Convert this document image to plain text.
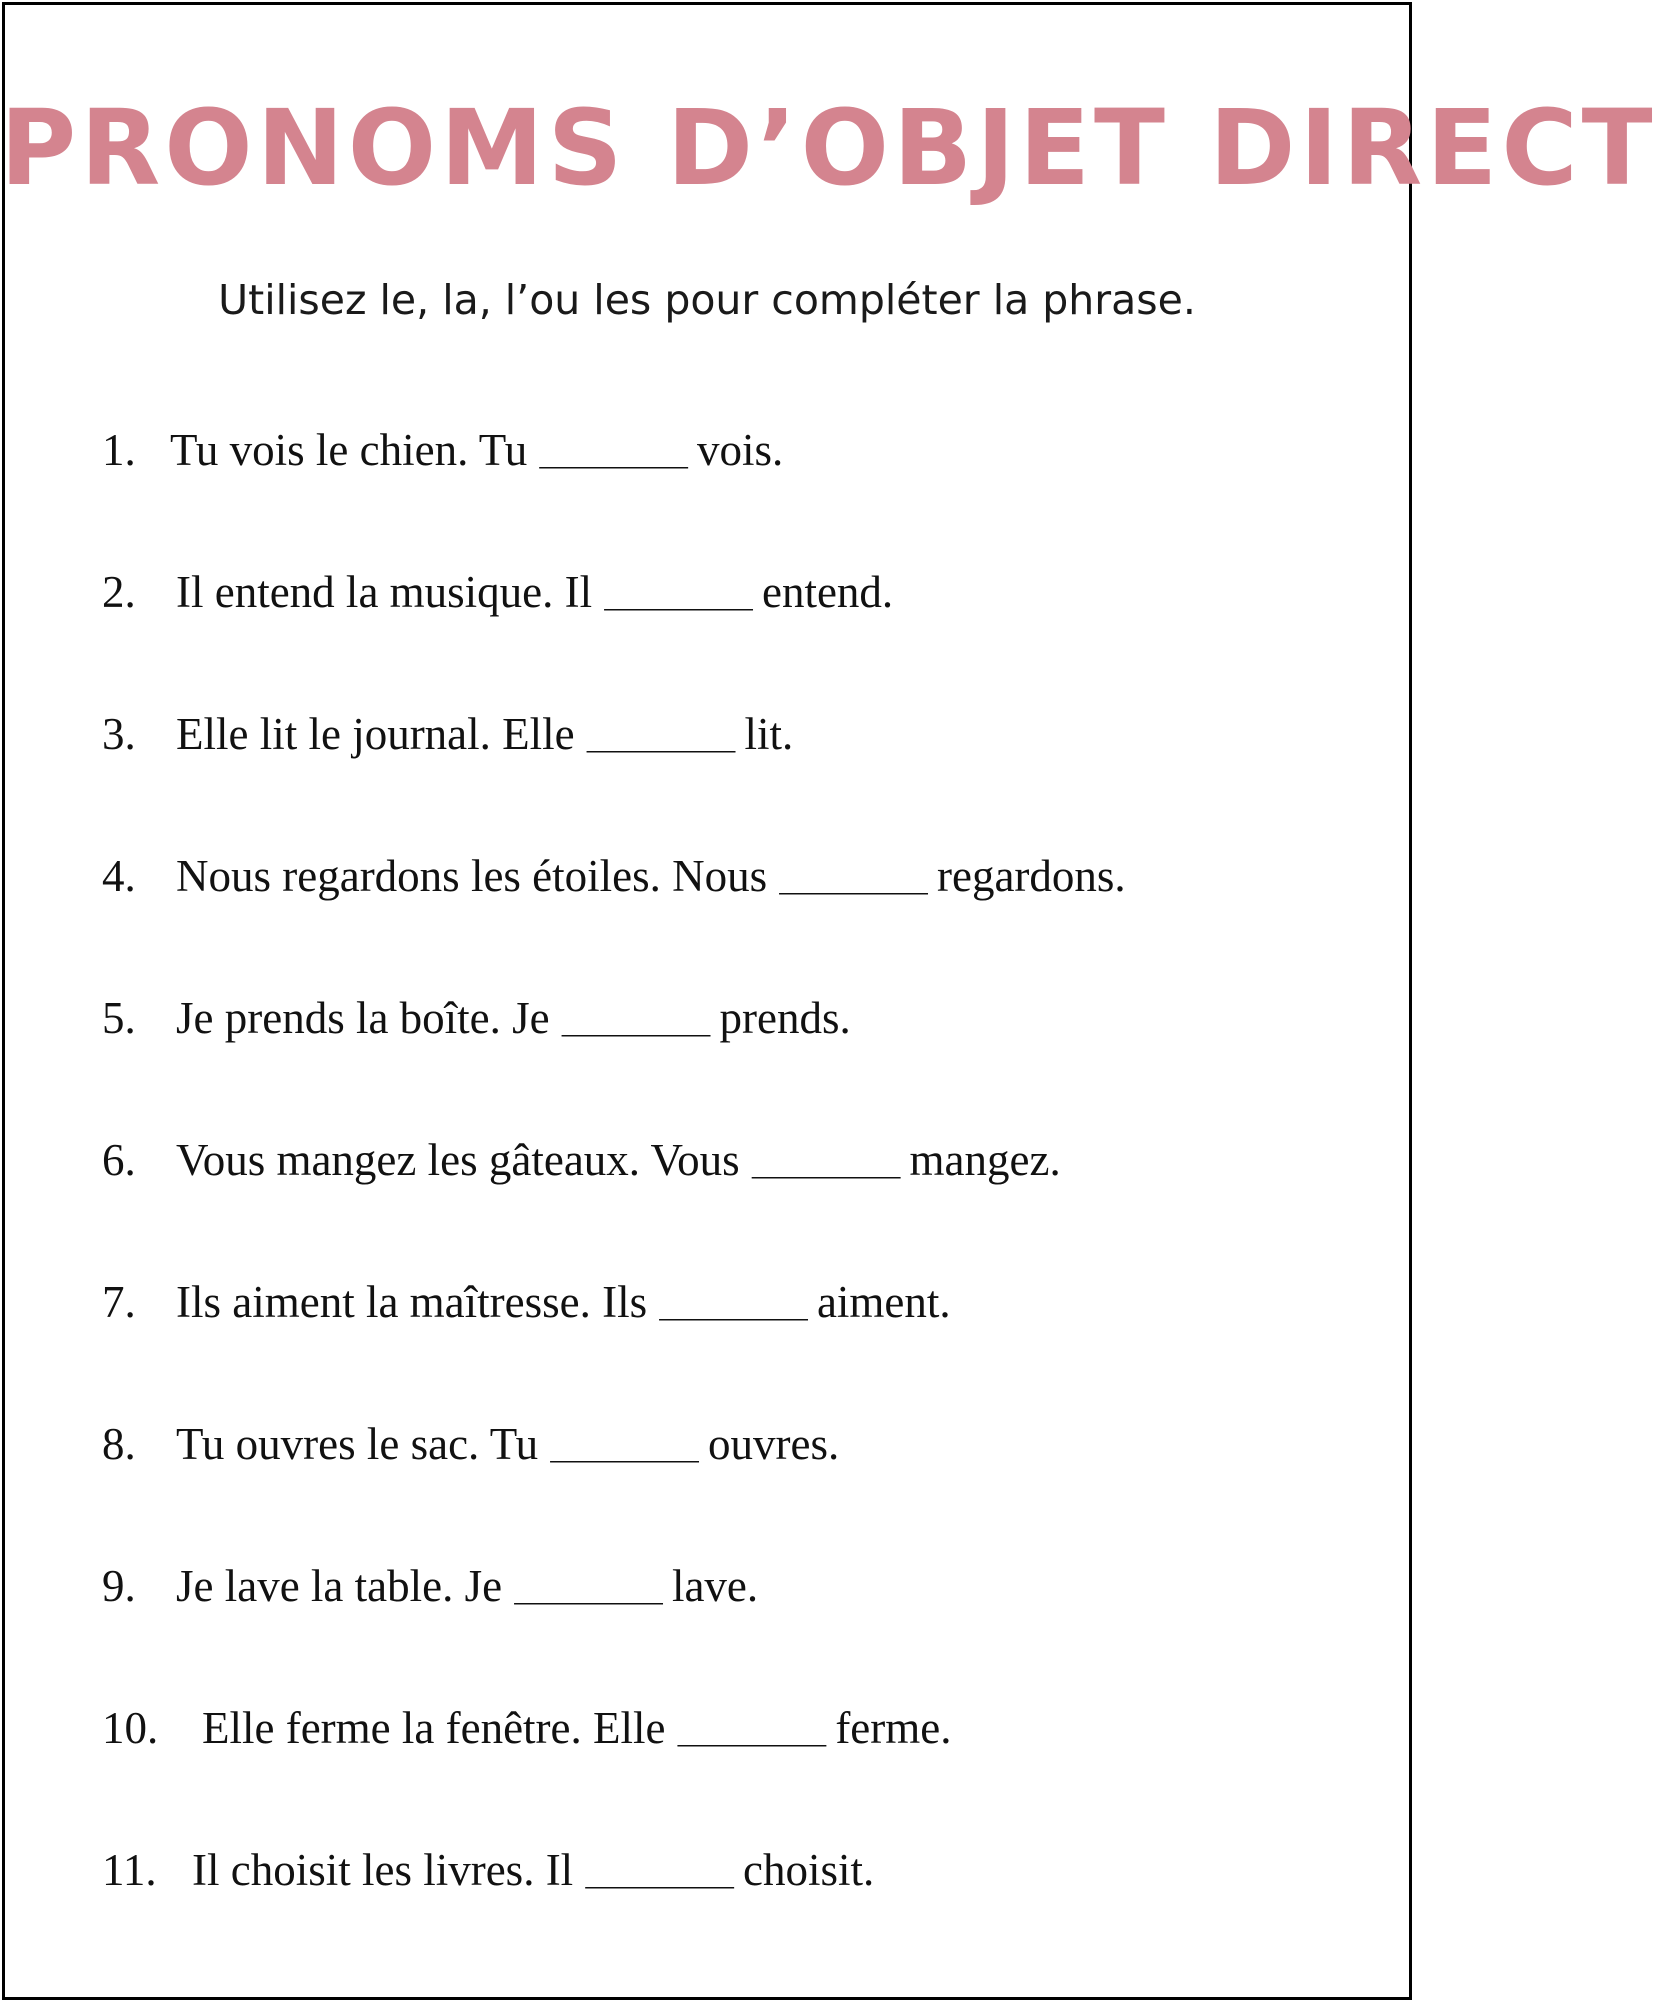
PRONOMS D’OBJET DIRECT

Utilisez le, la, l’ou les pour compléter la phrase.

1. Tu vois le chien. Tu _________ vois.
2. Il entend la musique. Il _________ entend.
3. Elle lit le journal. Elle _________ lit.
4. Nous regardons les étoiles. Nous _________ regardons.
5. Je prends la boîte. Je _________ prends.
6. Vous mangez les gâteaux. Vous _________ mangez.
7. Ils aiment la maîtresse. Ils _________ aiment.
8. Tu ouvres le sac. Tu _________ ouvres.
9. Je lave la table. Je _________ lave.
10. Elle ferme la fenêtre. Elle _________ ferme.
11. Il choisit les livres. Il _________ choisit.
